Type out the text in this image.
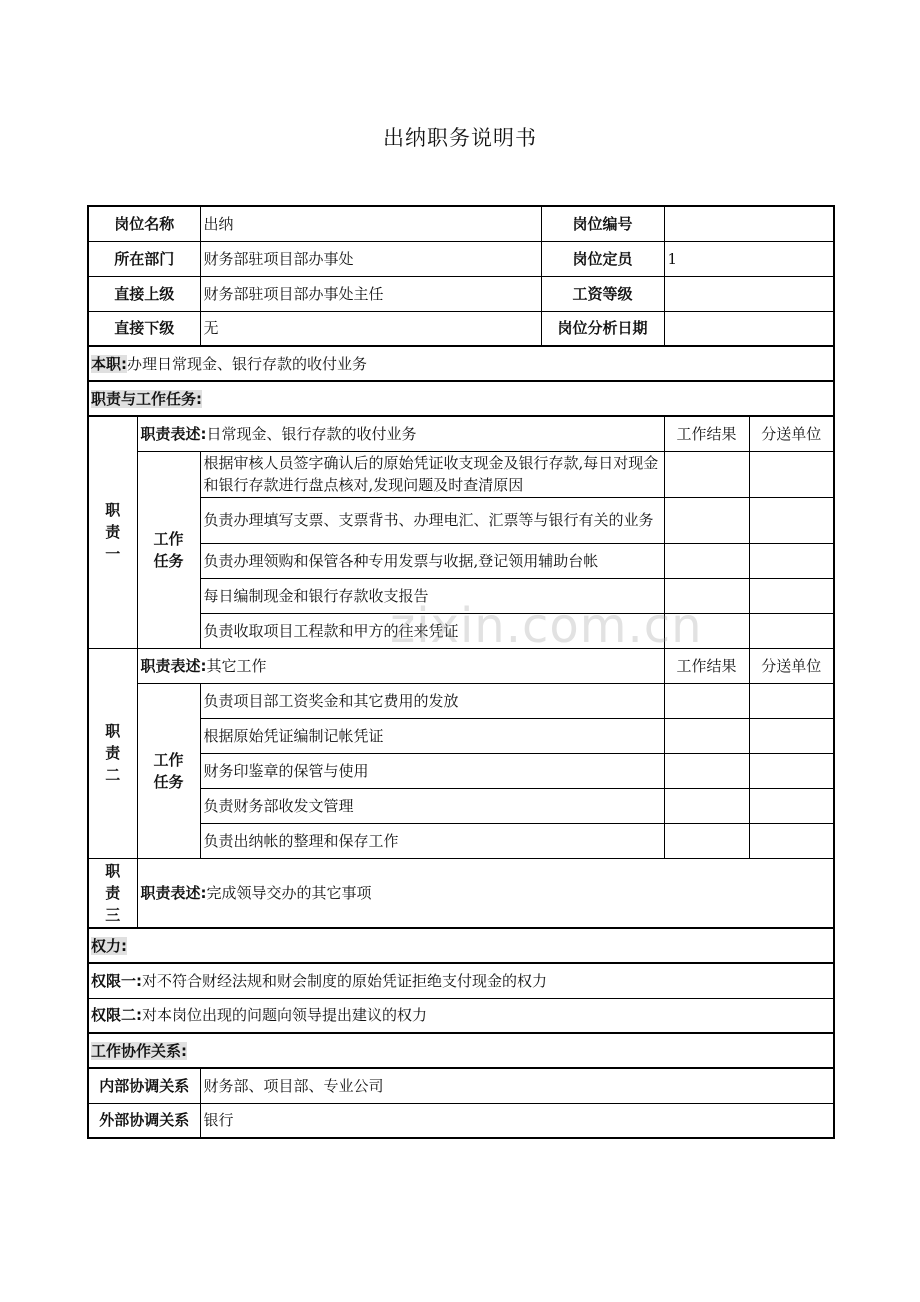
出纳职务说明书
岗位名称		出纳	岗位编号		
所在部门		财务部驻项目部办事处	岗位定员	1	
直接上级		财务部驻项目部办事处主任	工资等级		
直接下级		无	岗位分析日期		
本职:办理日常现金、银行存款的收付业务					
职责与工作任务:					

职
责
一	职责表述:日常现金、银行存款的收付业务			工作结果	分送单位

	工作
任务	根据审核人员签字确认后的原始凭证收支现金及银行存款,每日对现金和银行存款进行盘点核对,发现问题及时查清原因			
		负责办理填写支票、支票背书、办理电汇、汇票等与银行有关的业务			
		负责办理领购和保管各种专用发票与收据,登记领用辅助台帐			
		每日编制现金和银行存款收支报告			
		负责收取项目工程款和甲方的往来凭证			

职
责
二	职责表述:其它工作			工作结果	分送单位

	工作
任务	负责项目部工资奖金和其它费用的发放			
		根据原始凭证编制记帐凭证			
		财务印鉴章的保管与使用			
		负责财务部收发文管理			
		负责出纳帐的整理和保存工作			

职
责
三	职责表述:完成领导交办的其它事项				
权力:					
权限一:对不符合财经法规和财会制度的原始凭证拒绝支付现金的权力					
权限二:对本岗位出现的问题向领导提出建议的权力					
工作协作关系:					
内部协调关系		财务部、项目部、专业公司			
外部协调关系		银行			
zixin.com.cn
